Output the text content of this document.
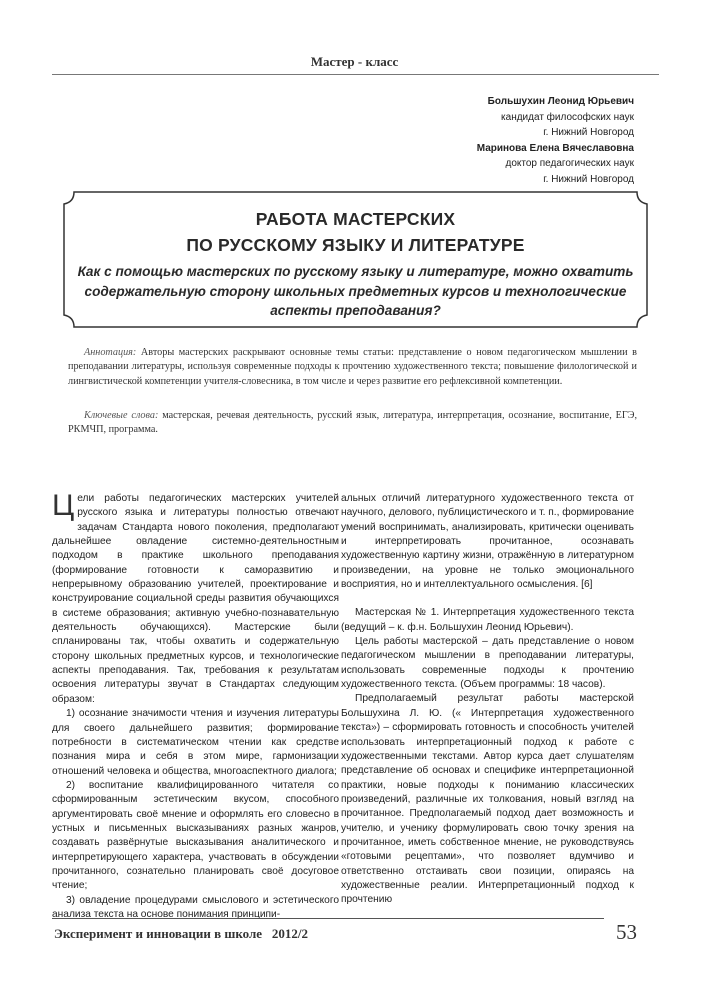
Мастер - класс
Большухин Леонид Юрьевич
кандидат философских наук
г. Нижний Новгород
Маринова Елена Вячеславовна
доктор педагогических наук
г. Нижний Новгород
РАБОТА МАСТЕРСКИХ
ПО РУССКОМУ ЯЗЫКУ И ЛИТЕРАТУРЕ
Как с помощью мастерских по русскому языку и литературе, можно охватить содержательную сторону школьных предметных курсов и технологические аспекты преподавания?
Аннотация: Авторы мастерских раскрывают основные темы статьи: представление о новом педагогическом мышлении в преподавании литературы, используя современные подходы к прочтению художественного текста; повышение филологической и лингвистической компетенции учителя-словесника, в том числе и через развитие его рефлексивной компетенции.
Ключевые слова: мастерская, речевая деятельность, русский язык, литература, интерпретация, осознание, воспитание, ЕГЭ, РКМЧП, программа.

Цели работы педагогических мастерских учителей русского языка и литературы полностью отвечают задачам Стандарта нового поколения, предполагают дальнейшее овладение системно-деятельностным подходом в практике школьного преподавания (формирование готовности к саморазвитию и непрерывному образованию учителей, проектирование и конструирование социальной среды развития обучающихся в системе образования; активную учебно-познавательную деятельность обучающихся). Мастерские были спланированы так, чтобы охватить и содержательную сторону школьных предметных курсов, и технологические аспекты преподавания. Так, требования к результатам освоения литературы звучат в Стандартах следующим образом:

1) осознание значимости чтения и изучения литературы для своего дальнейшего развития; формирование потребности в систематическом чтении как средстве познания мира и себя в этом мире, гармонизации отношений человека и общества, многоаспектного диалога;

2) воспитание квалифицированного читателя со сформированным эстетическим вкусом, способного аргументировать своё мнение и оформлять его словесно в устных и письменных высказываниях разных жанров, создавать развёрнутые высказывания аналитического и интерпретирующего характера, участвовать в обсуждении прочитанного, сознательно планировать своё досуговое чтение;

3) овладение процедурами смыслового и эстетического анализа текста на основе понимания принципи-

альных отличий литературного художественного текста от научного, делового, публицистического и т. п., формирование умений воспринимать, анализировать, критически оценивать и интерпретировать прочитанное, осознавать художественную картину жизни, отражённую в литературном произведении, на уровне не только эмоционального восприятия, но и интеллектуального осмысления. [6]

Мастерская № 1. Интерпретация художественного текста (ведущий – к. ф.н. Большухин Леонид Юрьевич).

Цель работы мастерской – дать представление о новом педагогическом мышлении в преподавании литературы, использовать современные подходы к прочтению художественного текста. (Объем программы: 18 часов).

Предполагаемый результат работы мастерской Большухина Л. Ю. (« Интерпретация художественного текста») – сформировать готовность и способность учителей использовать интерпретационный подход к работе с художественными текстами. Автор курса дает слушателям представление об основах и специфике интерпретационной практики, новые подходы к пониманию классических произведений, различные их толкования, новый взгляд на прочитанное. Предполагаемый подход дает возможность и учителю, и ученику формулировать свою точку зрения на прочитанное, иметь собственное мнение, не руководствуясь «готовыми рецептами», что позволяет вдумчиво и ответственно отстаивать свои позиции, опираясь на художественные реалии. Интерпретационный подход к прочтению

Эксперимент и инновации в школе 2012/2	53
